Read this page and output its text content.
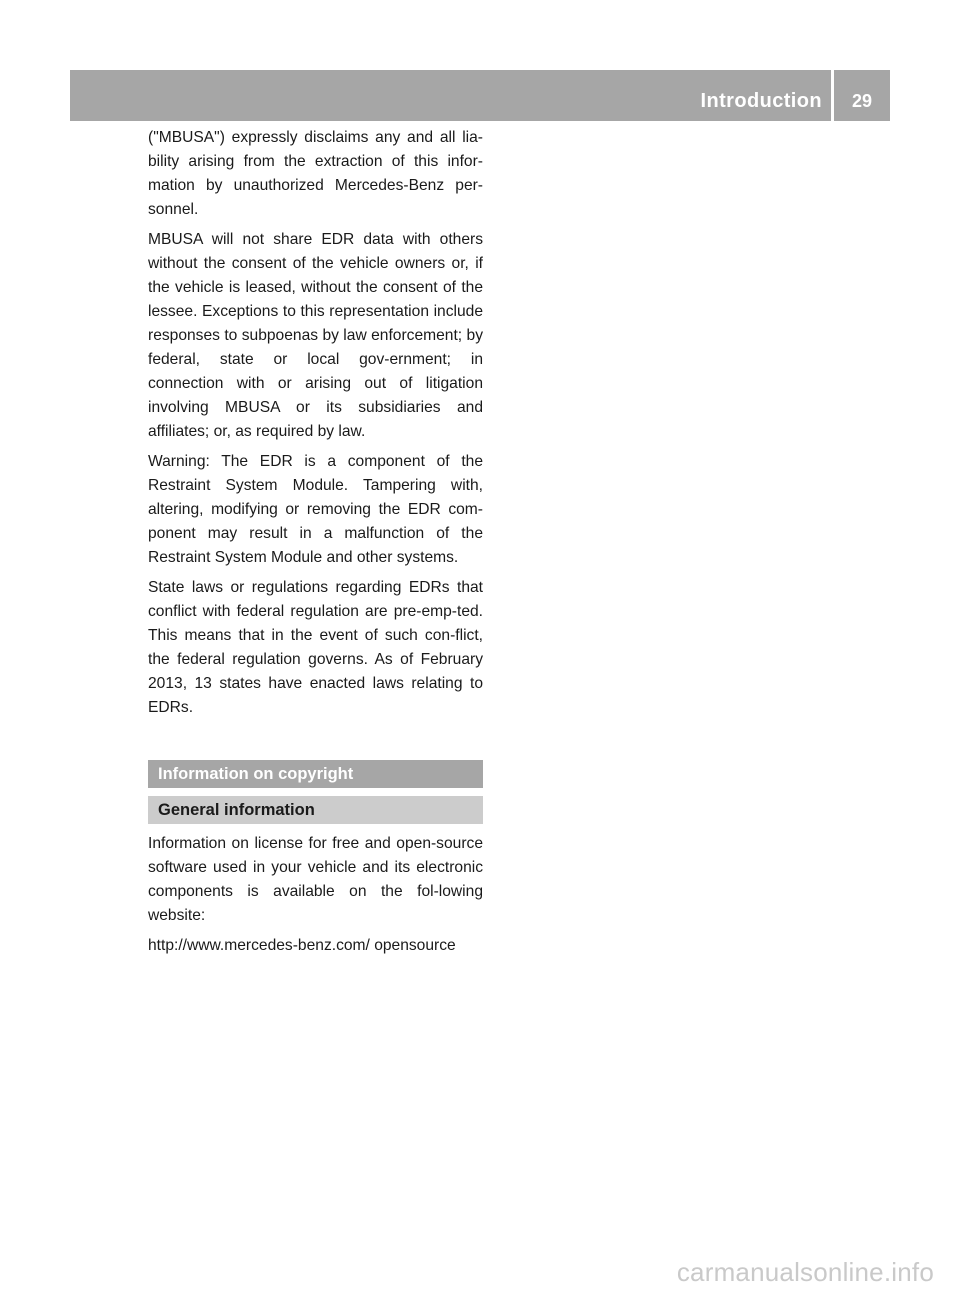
Introduction	29

("MBUSA") expressly disclaims any and all lia-bility arising from the extraction of this infor-mation by unauthorized Mercedes-Benz per-sonnel.

MBUSA will not share EDR data with others without the consent of the vehicle owners or, if the vehicle is leased, without the consent of the lessee. Exceptions to this representation include responses to subpoenas by law enforcement; by federal, state or local gov-ernment; in connection with or arising out of litigation involving MBUSA or its subsidiaries and affiliates; or, as required by law.

Warning: The EDR is a component of the Restraint System Module. Tampering with, altering, modifying or removing the EDR com-ponent may result in a malfunction of the Restraint System Module and other systems.

State laws or regulations regarding EDRs that conflict with federal regulation are pre-emp-ted. This means that in the event of such con-flict, the federal regulation governs. As of February 2013, 13 states have enacted laws relating to EDRs.

Information on copyright
General information

Information on license for free and open-source software used in your vehicle and its electronic components is available on the fol-lowing website:

http://www.mercedes-benz.com/ opensource

carmanualsonline.info
